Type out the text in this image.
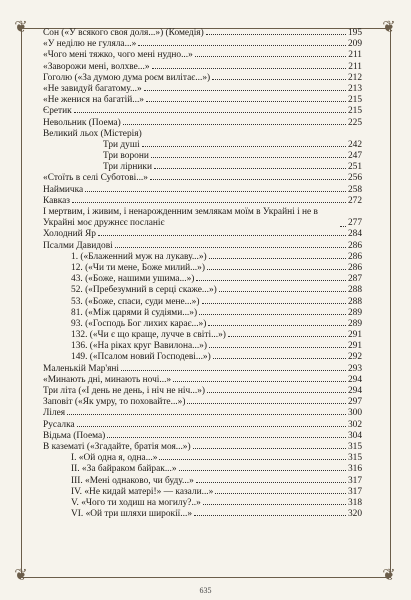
❦	❦
❦	❦
Сон («У всякого своя доля...») (Комедія)	195
«У неділю не гуляла...»	209
«Чого мені тяжко, чого мені нудно...»	211
«Заворожи мені, волхве...»	211
Гоголю («За думою дума роєм вилітає...»)	212
«Не завидуй багатому...»	213
«Не женися на багатій...»	215
Єретик	215
Невольник (Поема)	225
Великий льох (Містерія)
Три душі	242
Три ворони	247
Три лірники	251
«Стоїть в селі Суботові...»	256
Наймичка	258
Кавказ	272
І мертвим, і живим, і ненарожденним землякам моїм в Украйні і не в Украйні моє дружнєє посланіє	277
Холодний Яр	284
Псалми Давидові	286
1. («Блаженний муж на лукаву...»)	286
12. («Чи ти мене, Боже милий...»)	286
43. («Боже, нашими ушима...»)	287
52. («Пребезумний в серці скаже...»)	288
53. («Боже, спаси, суди мене...»)	288
81. («Між царями й судіями...»)	289
93. («Господь Бог лихих карає...»)	289
132. («Чи є що краще, лучче в світі...»)	291
136. («На ріках круг Вавилона...»)	291
149. («Псалом новий Господеві...»)	292
Маленькій Мар'яні	293
«Минають дні, минають ночі...»	294
Три літа («І день не день, і ніч не ніч...»)	294
Заповіт («Як умру, то поховайте...»)	297
Лілея	300
Русалка	302
Відьма (Поема)	304
В казематі («Згадайте, братія моя...»)	315
I. «Ой одна я, одна...»	315
II. «За байраком байрак...»	316
III. «Мені однаково, чи буду...»	317
IV. «Не кидай матері!» — казали...»	317
V. «Чого ти ходиш на могилу?..»	318
VI. «Ой три шляхи широкії...»	320
635
